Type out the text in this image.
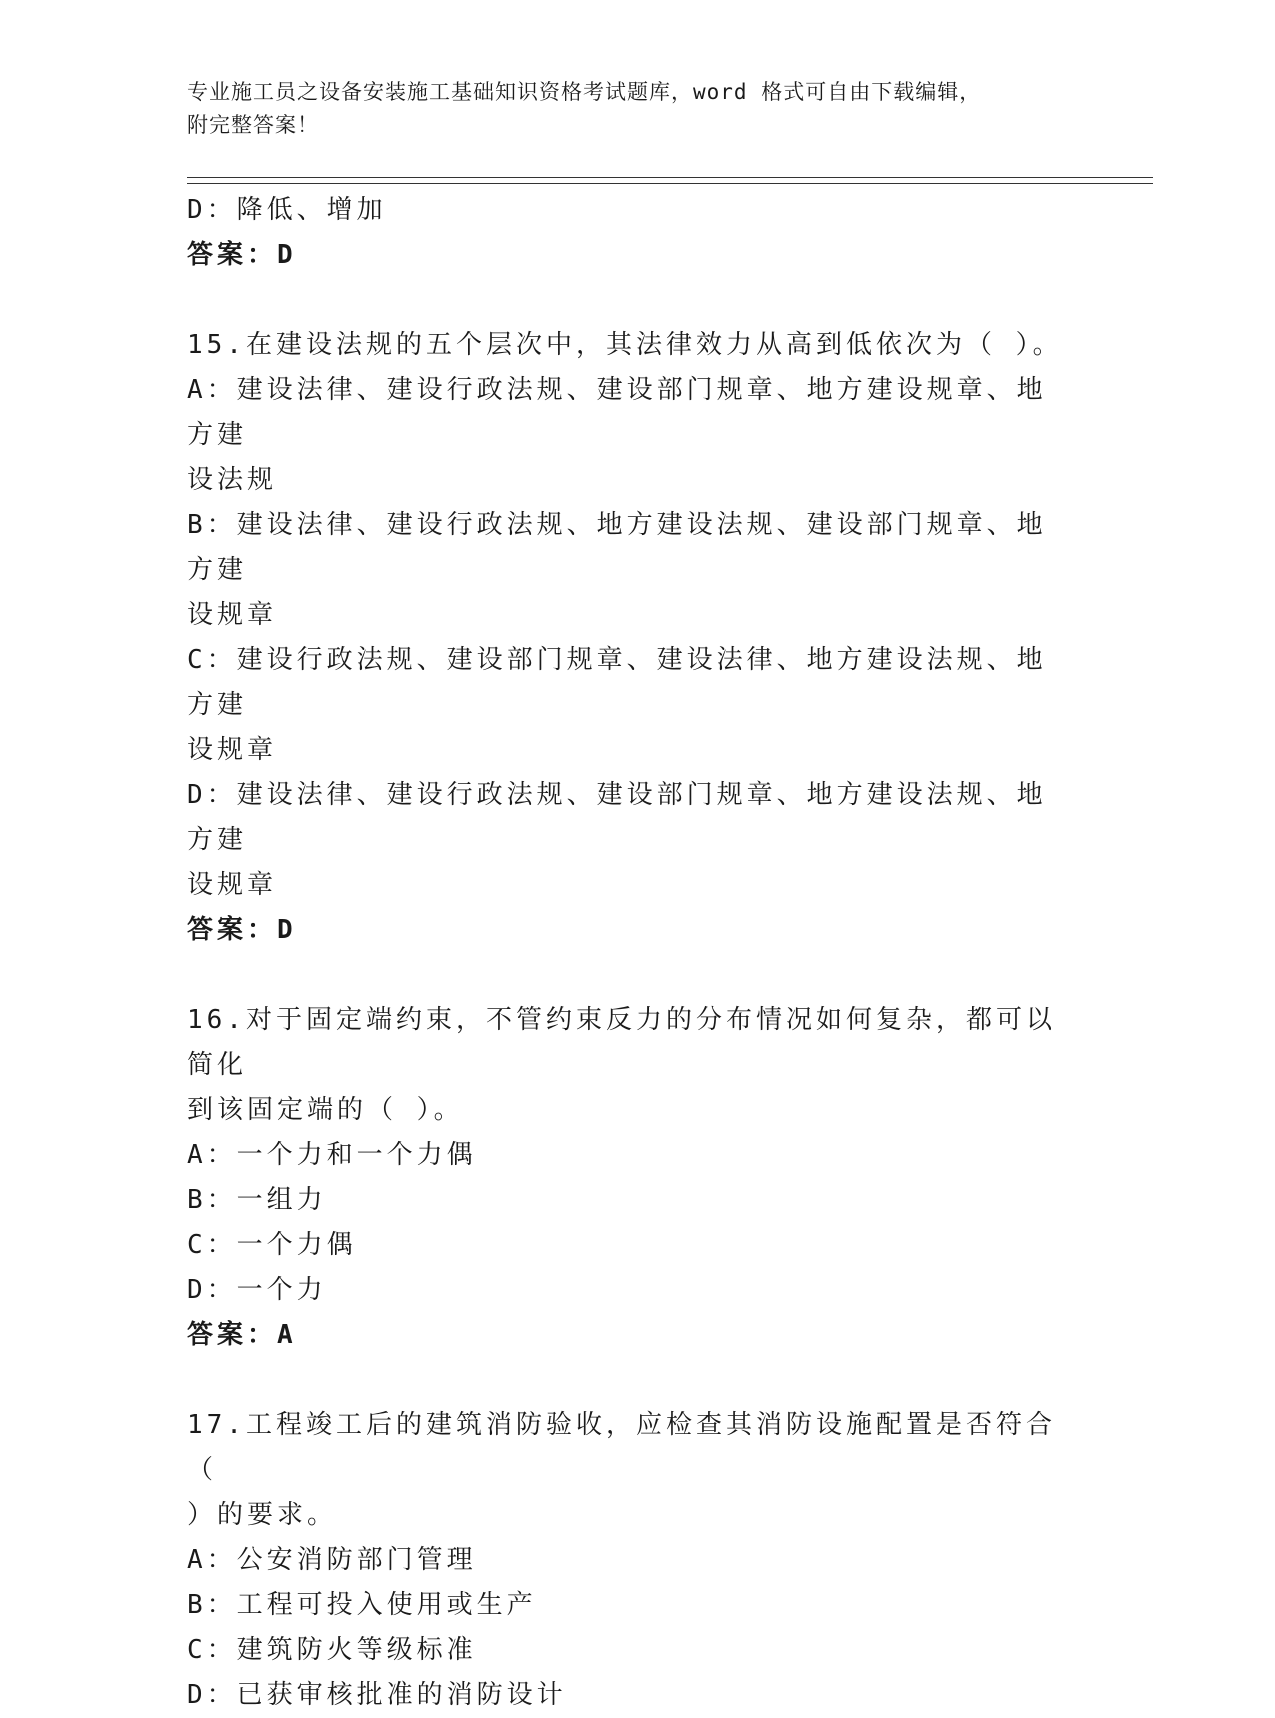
专业施工员之设备安装施工基础知识资格考试题库，word 格式可自由下载编辑，
附完整答案！
D：降低、增加
答案：D
15.在建设法规的五个层次中，其法律效力从高到低依次为（ ）。
A：建设法律、建设行政法规、建设部门规章、地方建设规章、地方建
设法规
B：建设法律、建设行政法规、地方建设法规、建设部门规章、地方建
设规章
C：建设行政法规、建设部门规章、建设法律、地方建设法规、地方建
设规章
D：建设法律、建设行政法规、建设部门规章、地方建设法规、地方建
设规章
答案：D
16.对于固定端约束，不管约束反力的分布情况如何复杂，都可以简化
到该固定端的（ ）。
A：一个力和一个力偶
B：一组力
C：一个力偶
D：一个力
答案：A
17.工程竣工后的建筑消防验收，应检查其消防设施配置是否符合（
）的要求。
A：公安消防部门管理
B：工程可投入使用或生产
C：建筑防火等级标准
D：已获审核批准的消防设计
